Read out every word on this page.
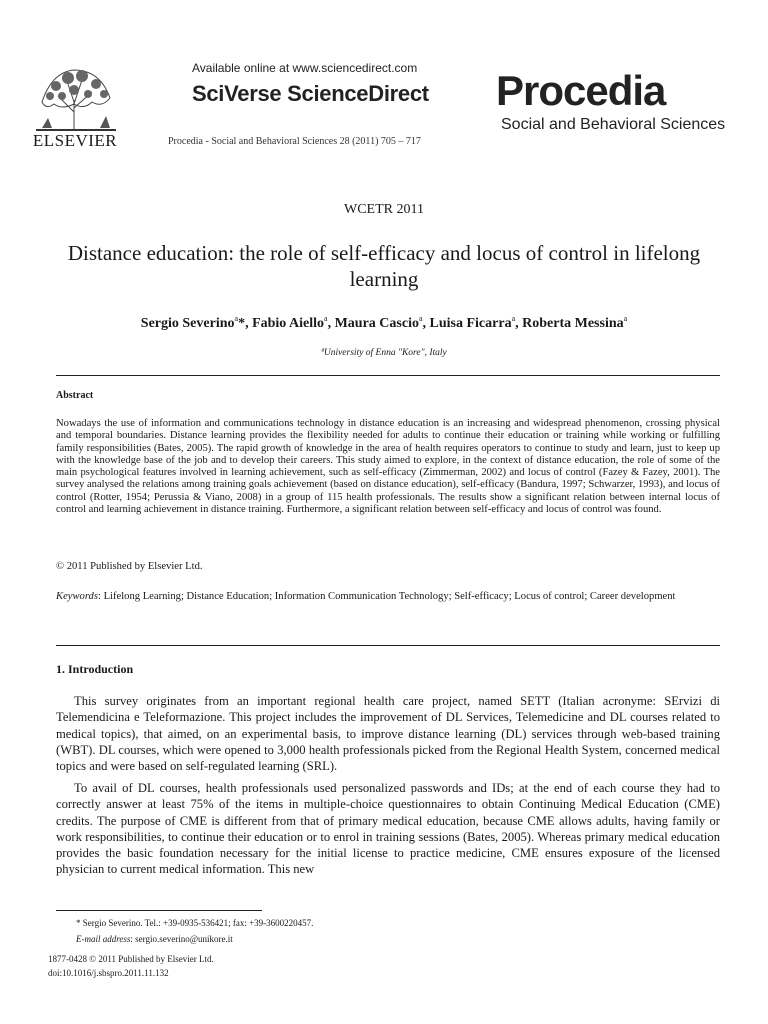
ELSEVIER
Available online at www.sciencedirect.com
SciVerse ScienceDirect
Procedia - Social and Behavioral Sciences 28 (2011) 705 – 717
Procedia
Social and Behavioral Sciences
WCETR 2011
Distance education: the role of self-efficacy and locus of control in lifelong learning
Sergio Severino$^a$*, Fabio Aiello$^a$, Maura Cascio$^a$, Luisa Ficarra$^a$, Roberta Messina$^a$
ªUniversity of Enna "Kore", Italy
Abstract
Nowadays the use of information and communications technology in distance education is an increasing and widespread phenomenon, crossing physical and temporal boundaries. Distance learning provides the flexibility needed for adults to continue their education or training while working or fulfilling family responsibilities (Bates, 2005). The rapid growth of knowledge in the area of health requires operators to continue to study and learn, just to keep up with the knowledge base of the job and to develop their careers. This study aimed to explore, in the context of distance education, the role of some of the main psychological features involved in learning achievement, such as self-efficacy (Zimmerman, 2002) and locus of control (Fazey & Fazey, 2001). The survey analysed the relations among training goals achievement (based on distance education), self-efficacy (Bandura, 1997; Schwarzer, 1993), and locus of control (Rotter, 1954; Perussia & Viano, 2008) in a group of 115 health professionals. The results show a significant relation between internal locus of control and learning achievement in distance training. Furthermore, a significant relation between self-efficacy and locus of control was found.
© 2011 Published by Elsevier Ltd.
Keywords: Lifelong Learning; Distance Education; Information Communication Technology; Self-efficacy; Locus of control; Career development
1. Introduction
This survey originates from an important regional health care project, named SETT (Italian acronyme: SErvizi di Telemendicina e Teleformazione. This project includes the improvement of DL Services, Telemedicine and DL courses related to medical topics), that aimed, on an experimental basis, to improve distance learning (DL) services through web-based training (WBT). DL courses, which were opened to 3,000 health professionals picked from the Regional Health System, concerned medical topics and were based on self-regulated learning (SRL).
To avail of DL courses, health professionals used personalized passwords and IDs; at the end of each course they had to correctly answer at least 75% of the items in multiple-choice questionnaires to obtain Continuing Medical Education (CME) credits. The purpose of CME is different from that of primary medical education, because CME allows adults, having family or work responsibilities, to continue their education or to enrol in training sessions (Bates, 2005). Whereas primary medical education provides the basic foundation necessary for the initial license to practice medicine, CME ensures exposure of the licensed physician to current medical information. This new
* Sergio Severino. Tel.: +39-0935-536421; fax: +39-3600220457.
E-mail address: sergio.severino@unikore.it
1877-0428 © 2011 Published by Elsevier Ltd.
doi:10.1016/j.sbspro.2011.11.132
